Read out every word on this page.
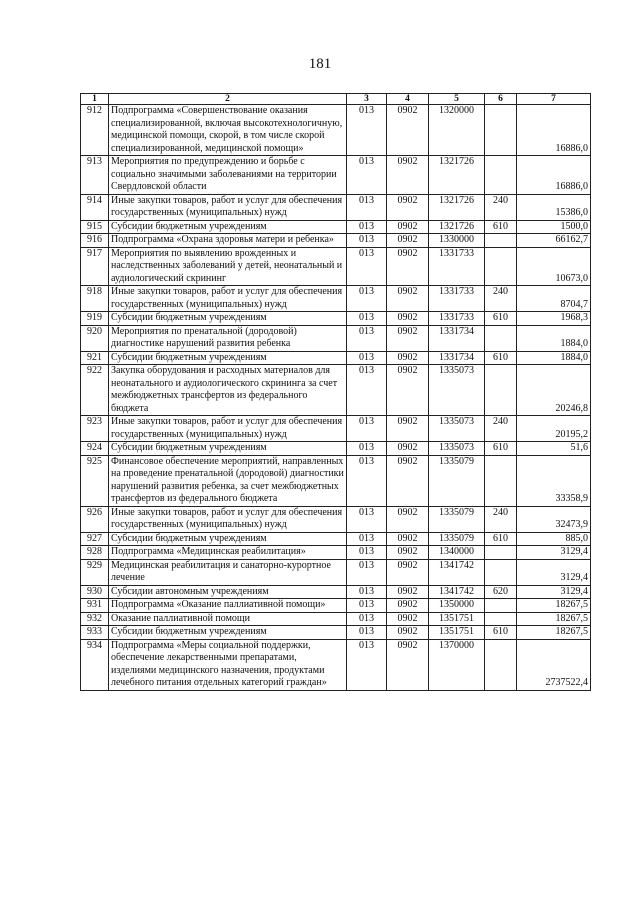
181
1	2	3	4	5	6	7
912	Подпрограмма «Совершенствование оказания специализированной, включая высокотехнологичную, медицинской помощи, скорой, в том числе скорой специализированной, медицинской помощи»	013	0902	1320000		16886,0
913	Мероприятия по предупреждению и борьбе с социально значимыми заболеваниями на территории Свердловской области	013	0902	1321726		16886,0
914	Иные закупки товаров, работ и услуг для обеспечения государственных (муниципальных) нужд	013	0902	1321726	240	15386,0
915	Субсидии бюджетным учреждениям	013	0902	1321726	610	1500,0
916	Подпрограмма «Охрана здоровья матери и ребенка»	013	0902	1330000		66162,7
917	Мероприятия по выявлению врожденных и наследственных заболеваний у детей, неонатальный и аудиологический скрининг	013	0902	1331733		10673,0
918	Иные закупки товаров, работ и услуг для обеспечения государственных (муниципальных) нужд	013	0902	1331733	240	8704,7
919	Субсидии бюджетным учреждениям	013	0902	1331733	610	1968,3
920	Мероприятия по пренатальной (дородовой) диагностике нарушений развития ребенка	013	0902	1331734		1884,0
921	Субсидии бюджетным учреждениям	013	0902	1331734	610	1884,0
922	Закупка оборудования и расходных материалов для неонатального и аудиологического скрининга за счет межбюджетных трансфертов из федерального бюджета	013	0902	1335073		20246,8
923	Иные закупки товаров, работ и услуг для обеспечения государственных (муниципальных) нужд	013	0902	1335073	240	20195,2
924	Субсидии бюджетным учреждениям	013	0902	1335073	610	51,6
925	Финансовое обеспечение мероприятий, направленных на проведение пренатальной (дородовой) диагностики нарушений развития ребенка, за счет межбюджетных трансфертов из федерального бюджета	013	0902	1335079		33358,9
926	Иные закупки товаров, работ и услуг для обеспечения государственных (муниципальных) нужд	013	0902	1335079	240	32473,9
927	Субсидии бюджетным учреждениям	013	0902	1335079	610	885,0
928	Подпрограмма «Медицинская реабилитация»	013	0902	1340000		3129,4
929	Медицинская реабилитация и санаторно-курортное лечение	013	0902	1341742		3129,4
930	Субсидии автономным учреждениям	013	0902	1341742	620	3129,4
931	Подпрограмма «Оказание паллиативной помощи»	013	0902	1350000		18267,5
932	Оказание паллиативной помощи	013	0902	1351751		18267,5
933	Субсидии бюджетным учреждениям	013	0902	1351751	610	18267,5
934	Подпрограмма «Меры социальной поддержки, обеспечение лекарственными препаратами, изделиями медицинского назначения, продуктами лечебного питания отдельных категорий граждан»	013	0902	1370000		2737522,4
